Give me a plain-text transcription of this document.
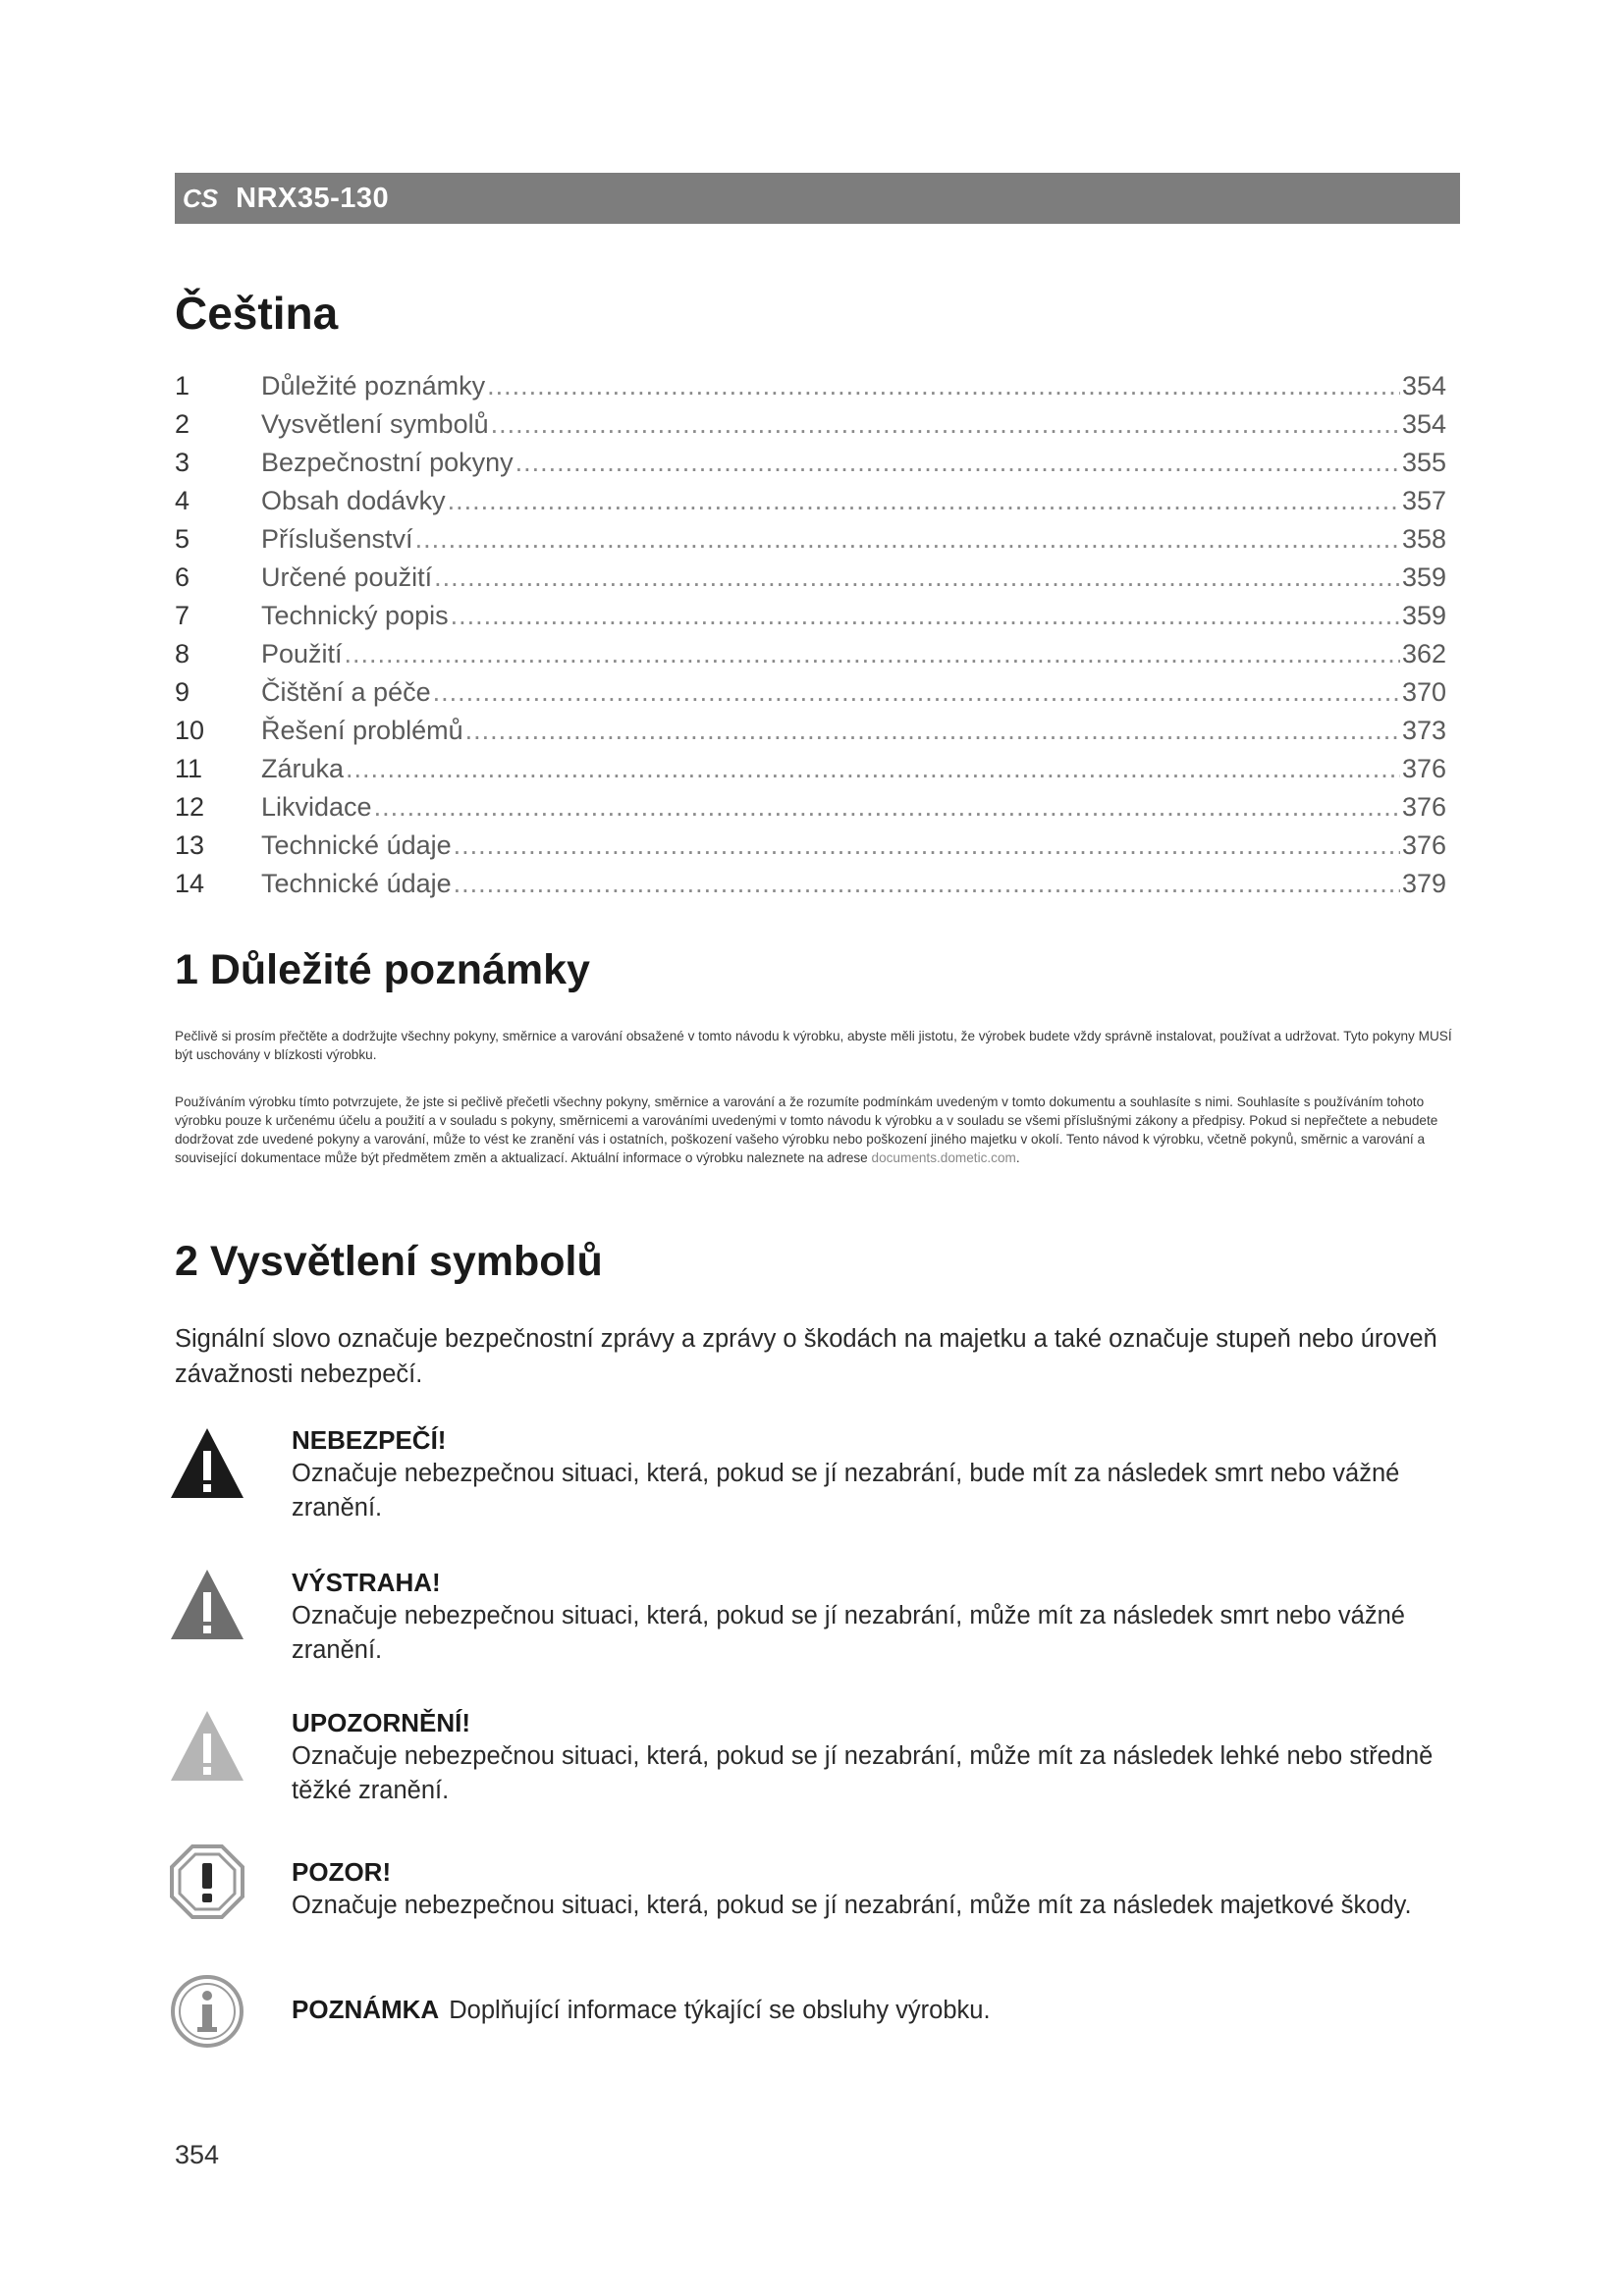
CS NRX35-130
Čeština
1	Důležité poznámky .....	354
2	Vysvětlení symbolů .....	354
3	Bezpečnostní pokyny .....	355
4	Obsah dodávky .....	357
5	Příslušenství .....	358
6	Určené použití .....	359
7	Technický popis .....	359
8	Použití .....	362
9	Čištění a péče .....	370
10	Řešení problémů .....	373
11	Záruka .....	376
12	Likvidace .....	376
13	Technické údaje .....	376
14	Technické údaje .....	379
1 Důležité poznámky

Pečlivě si prosím přečtěte a dodržujte všechny pokyny, směrnice a varování obsažené v tomto návodu k výrobku, abyste měli jistotu, že výrobek budete vždy správně instalovat, používat a udržovat. Tyto pokyny MUSÍ být uschovány v blízkosti výrobku.

Používáním výrobku tímto potvrzujete, že jste si pečlivě přečetli všechny pokyny, směrnice a varování a že rozumíte podmínkám uvedeným v tomto dokumentu a souhlasíte s nimi. Souhlasíte s používáním tohoto výrobku pouze k určenému účelu a použití a v souladu s pokyny, směrnicemi a varováními uvedenými v tomto návodu k výrobku a v souladu se všemi příslušnými zákony a předpisy. Pokud si nepřečtete a nebudete dodržovat zde uvedené pokyny a varování, může to vést ke zranění vás i ostatních, poškození vašeho výrobku nebo poškození jiného majetku v okolí. Tento návod k výrobku, včetně pokynů, směrnic a varování a související dokumentace může být předmětem změn a aktualizací. Aktuální informace o výrobku naleznete na adrese documents.dometic.com.

2 Vysvětlení symbolů

Signální slovo označuje bezpečnostní zprávy a zprávy o škodách na majetku a také označuje stupeň nebo úroveň závažnosti nebezpečí.

NEBEZPEČÍ!
Označuje nebezpečnou situaci, která, pokud se jí nezabrání, bude mít za následek smrt nebo vážné zranění.
VÝSTRAHA!
Označuje nebezpečnou situaci, která, pokud se jí nezabrání, může mít za následek smrt nebo vážné zranění.
UPOZORNĚNÍ!
Označuje nebezpečnou situaci, která, pokud se jí nezabrání, může mít za následek lehké nebo středně těžké zranění.
POZOR!
Označuje nebezpečnou situaci, která, pokud se jí nezabrání, může mít za následek majetkové škody.
POZNÁMKA Doplňující informace týkající se obsluhy výrobku.
354
